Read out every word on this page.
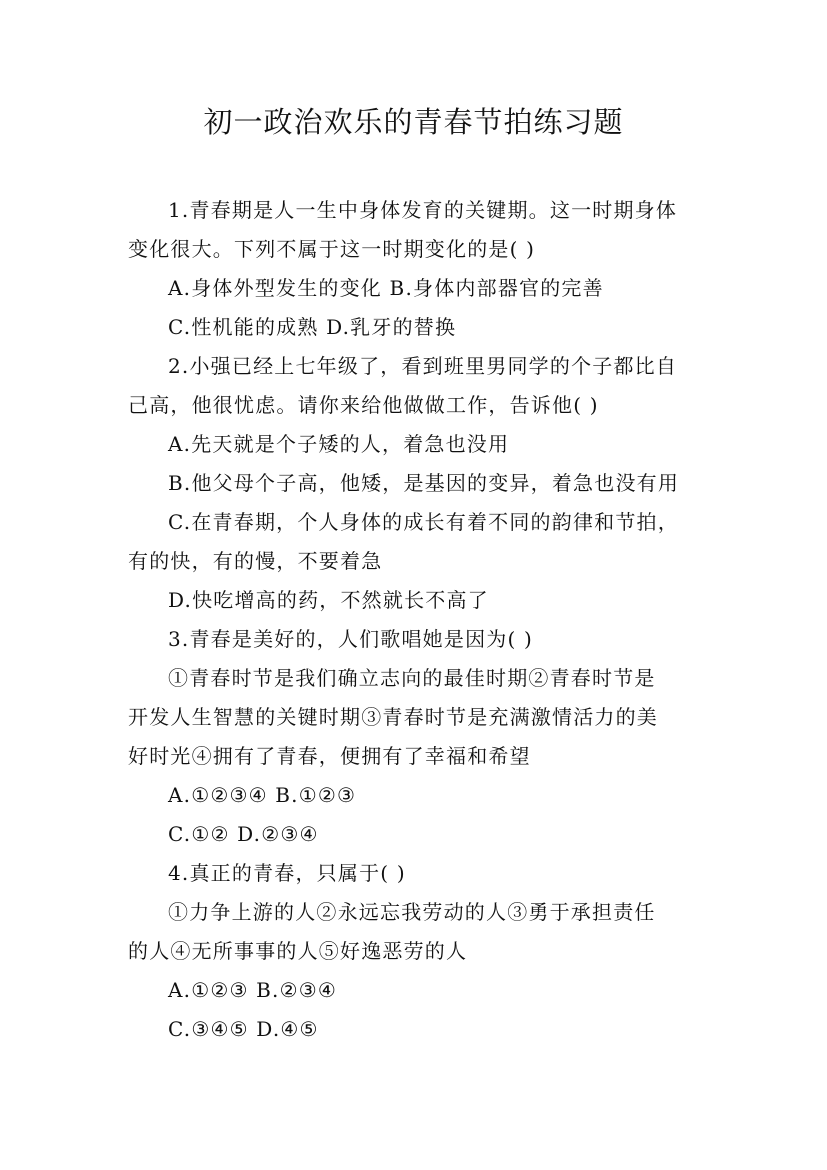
初一政治欢乐的青春节拍练习题
1.青春期是人一生中身体发育的关键期。这一时期身体
变化很大。下列不属于这一时期变化的是( )
A.身体外型发生的变化 B.身体内部器官的完善
C.性机能的成熟 D.乳牙的替换
2.小强已经上七年级了，看到班里男同学的个子都比自
己高，他很忧虑。请你来给他做做工作，告诉他( )
A.先天就是个子矮的人，着急也没用
B.他父母个子高，他矮，是基因的变异，着急也没有用
C.在青春期，个人身体的成长有着不同的韵律和节拍，
有的快，有的慢，不要着急
D.快吃增高的药，不然就长不高了
3.青春是美好的，人们歌唱她是因为( )
①青春时节是我们确立志向的最佳时期②青春时节是
开发人生智慧的关键时期③青春时节是充满激情活力的美
好时光④拥有了青春，便拥有了幸福和希望
A.①②③④ B.①②③
C.①② D.②③④
4.真正的青春，只属于( )
①力争上游的人②永远忘我劳动的人③勇于承担责任
的人④无所事事的人⑤好逸恶劳的人
A.①②③ B.②③④
C.③④⑤ D.④⑤
